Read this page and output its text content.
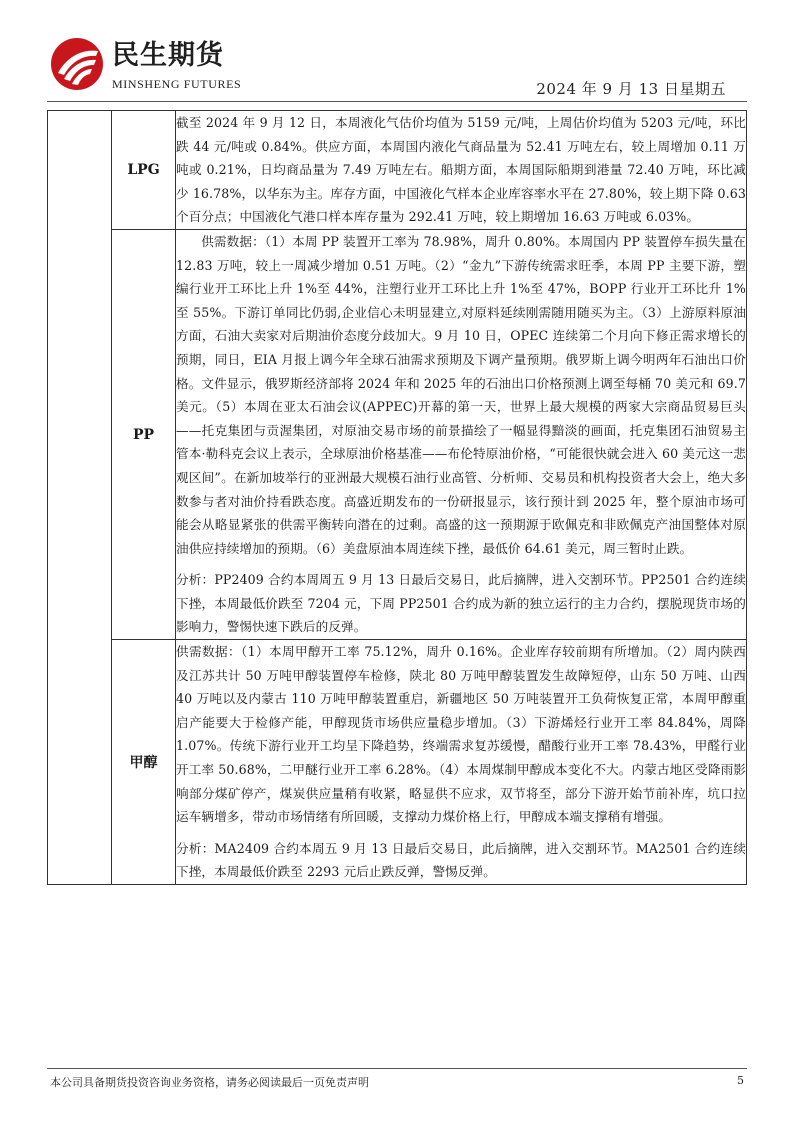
民生期货
MINSHENG FUTURES	2024 年 9 月 13 日星期五
	LPG	截至 2024 年 9 月 12 日，本周液化气估价均值为 5159 元/吨，上周估价均值为 5203 元/吨，环比跌 44 元/吨或 0.84%。供应方面，本周国内液化气商品量为 52.41 万吨左右，较上周增加 0.11 万吨或 0.21%，日均商品量为 7.49 万吨左右。船期方面，本周国际船期到港量 72.40 万吨，环比减少 16.78%，以华东为主。库存方面，中国液化气样本企业库容率水平在 27.80%，较上期下降 0.63 个百分点；中国液化气港口样本库存量为 292.41 万吨，较上期增加 16.63 万吨或 6.03%。

	PP	供需数据：（1）本周 PP 装置开工率为 78.98%，周升 0.80%。本周国内 PP 装置停车损失量在 12.83 万吨，较上一周减少增加 0.51 万吨。（2）“金九”下游传统需求旺季，本周 PP 主要下游，塑编行业开工环比上升 1%至 44%，注塑行业开工环比上升 1%至 47%，BOPP 行业开工环比升 1%至 55%。下游订单同比仍弱,企业信心未明显建立,对原料延续刚需随用随买为主。（3）上游原料原油方面，石油大卖家对后期油价态度分歧加大。9 月 10 日，OPEC 连续第二个月向下修正需求增长的预期，同日，EIA 月报上调今年全球石油需求预期及下调产量预期。俄罗斯上调今明两年石油出口价格。文件显示，俄罗斯经济部将 2024 年和 2025 年的石油出口价格预测上调至每桶 70 美元和 69.7 美元。（5）本周在亚太石油会议(APPEC)开幕的第一天，世界上最大规模的两家大宗商品贸易巨头——托克集团与贡渥集团，对原油交易市场的前景描绘了一幅显得黯淡的画面，托克集团石油贸易主管本·勒科克会议上表示，全球原油价格基准——布伦特原油价格，“可能很快就会进入 60 美元这一悲观区间”。在新加坡举行的亚洲最大规模石油行业高管、分析师、交易员和机构投资者大会上，绝大多数参与者对油价持看跌态度。高盛近期发布的一份研报显示，该行预计到 2025 年，整个原油市场可能会从略显紧张的供需平衡转向潜在的过剩。高盛的这一预期源于欧佩克和非欧佩克产油国整体对原油供应持续增加的预期。（6）美盘原油本周连续下挫，最低价 64.61 美元，周三暂时止跌。

分析：PP2409 合约本周周五 9 月 13 日最后交易日，此后摘牌，进入交割环节。PP2501 合约连续下挫，本周最低价跌至 7204 元，下周 PP2501 合约成为新的独立运行的主力合约，摆脱现货市场的影响力，警惕快速下跌后的反弹。

	甲醇	供需数据：（1）本周甲醇开工率 75.12%，周升 0.16%。企业库存较前期有所增加。（2）周内陕西及江苏共计 50 万吨甲醇装置停车检修，陕北 80 万吨甲醇装置发生故障短停，山东 50 万吨、山西 40 万吨以及内蒙古 110 万吨甲醇装置重启，新疆地区 50 万吨装置开工负荷恢复正常，本周甲醇重启产能要大于检修产能，甲醇现货市场供应量稳步增加。（3）下游烯烃行业开工率 84.84%，周降 1.07%。传统下游行业开工均呈下降趋势，终端需求复苏缓慢，醋酸行业开工率 78.43%，甲醛行业开工率 50.68%，二甲醚行业开工率 6.28%。（4）本周煤制甲醇成本变化不大。内蒙古地区受降雨影响部分煤矿停产，煤炭供应量稍有收紧，略显供不应求，双节将至，部分下游开始节前补库，坑口拉运车辆增多，带动市场情绪有所回暖，支撑动力煤价格上行，甲醇成本端支撑稍有增强。

分析：MA2409 合约本周五 9 月 13 日最后交易日，此后摘牌，进入交割环节。MA2501 合约连续下挫，本周最低价跌至 2293 元后止跌反弹，警惕反弹。

本公司具备期货投资咨询业务资格，请务必阅读最后一页免责声明	5
